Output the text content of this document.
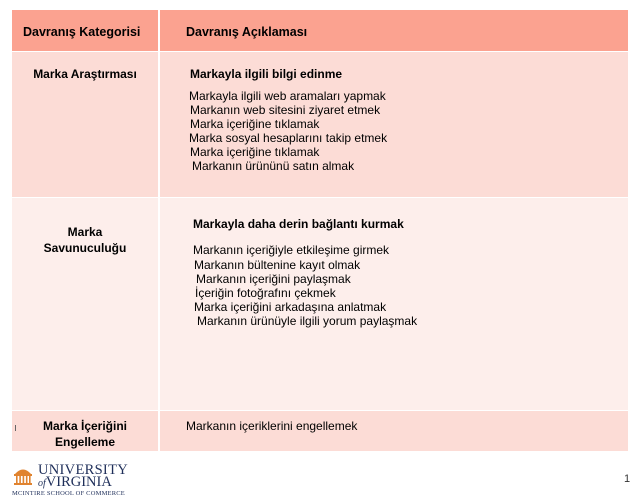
Davranış Kategorisi	Davranış Açıklaması
Marka Araştırması	Markayla ilgili bilgi edinme
Markayla ilgili web aramaları yapmak
Markanın web sitesini ziyaret etmek
Marka içeriğine tıklamak
Marka sosyal hesaplarını takip etmek
Marka içeriğine tıklamak
Markanın ürününü satın almak
Marka
Savunuculuğu
Markayla daha derin bağlantı kurmak
Markanın içeriğiyle etkileşime girmek
Markanın bültenine kayıt olmak
Markanın içeriğini paylaşmak
İçeriğin fotoğrafını çekmek
Marka içeriğini arkadaşına anlatmak
Markanın ürünüyle ilgili yorum paylaşmak
Marka İçeriğini
Engelleme
Markanın içeriklerini engellemek
UNIVERSITY
ofVIRGINIA
MCINTIRE SCHOOL OF COMMERCE
1
